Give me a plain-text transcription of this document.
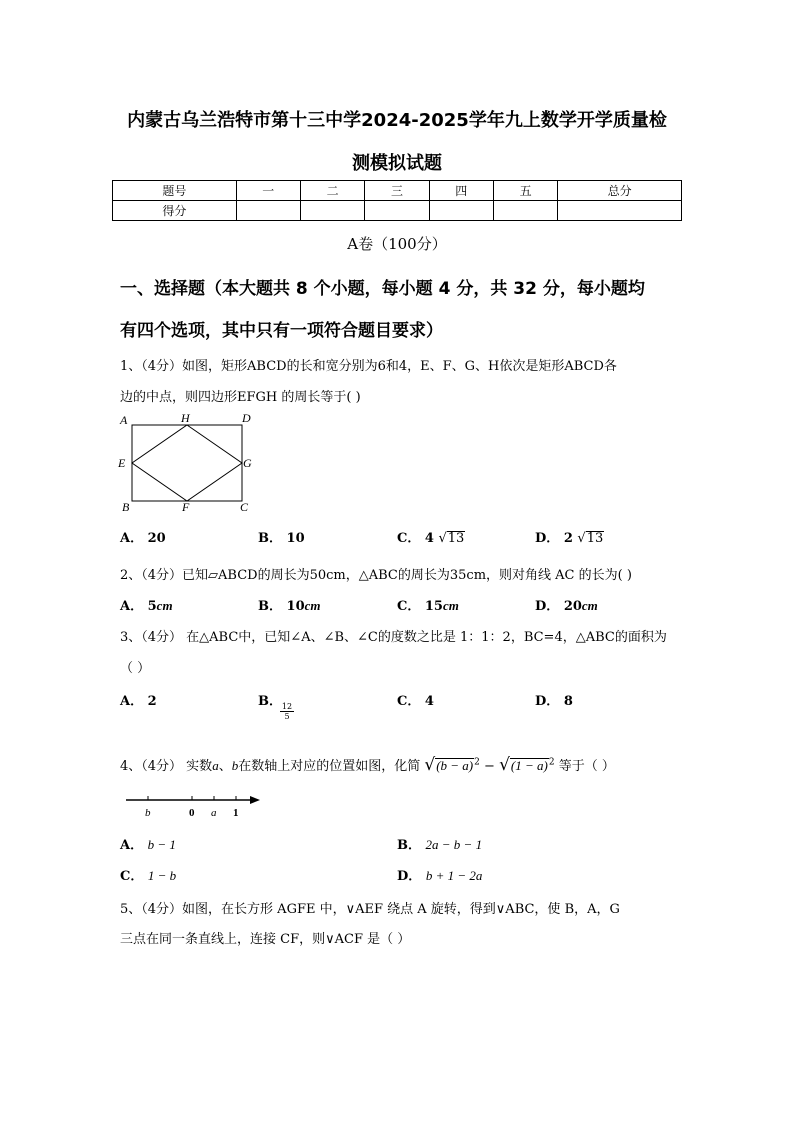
内蒙古乌兰浩特市第十三中学2024-2025学年九上数学开学质量检
测模拟试题
题号	一	二	三	四	五	总分
得分						
A卷（100分）
一、选择题（本大题共 8 个小题，每小题 4 分，共 32 分，每小题均
有四个选项，其中只有一项符合题目要求）
1、（4分）如图，矩形ABCD的长和宽分别为6和4，E、F、G、H依次是矩形ABCD各
边的中点，则四边形EFGH 的周长等于( )
A	H	D
E	G
B	F	C
A． 20	B． 10	C． 4 √13	D． 2 √13
2、（4分）已知▱ABCD的周长为50cm，△ABC的周长为35cm，则对角线 AC 的长为( )
A． 5cm	B． 10cm	C． 15cm	D． 20cm
3、（4分） 在△ABC中，已知∠A、∠B、∠C的度数之比是 1：1：2，BC=4，△ABC的面积为
（ ）
A． 2	B．
$\frac{12}{5}$
C． 4	D． 8
4、（4分） 实数a、b在数轴上对应的位置如图，化简 $√(b - a)^2 - √(1 - a)^2$ 等于（ ）
b	0 a 1
A． b − 1	B． 2a − b − 1
C． 1 − b	D． b + 1 − 2a
5、（4分）如图，在长方形 AGFE 中，∨AEF 绕点 A 旋转，得到∨ABC，使 B，A，G
三点在同一条直线上，连接 CF，则∨ACF 是（ ）
